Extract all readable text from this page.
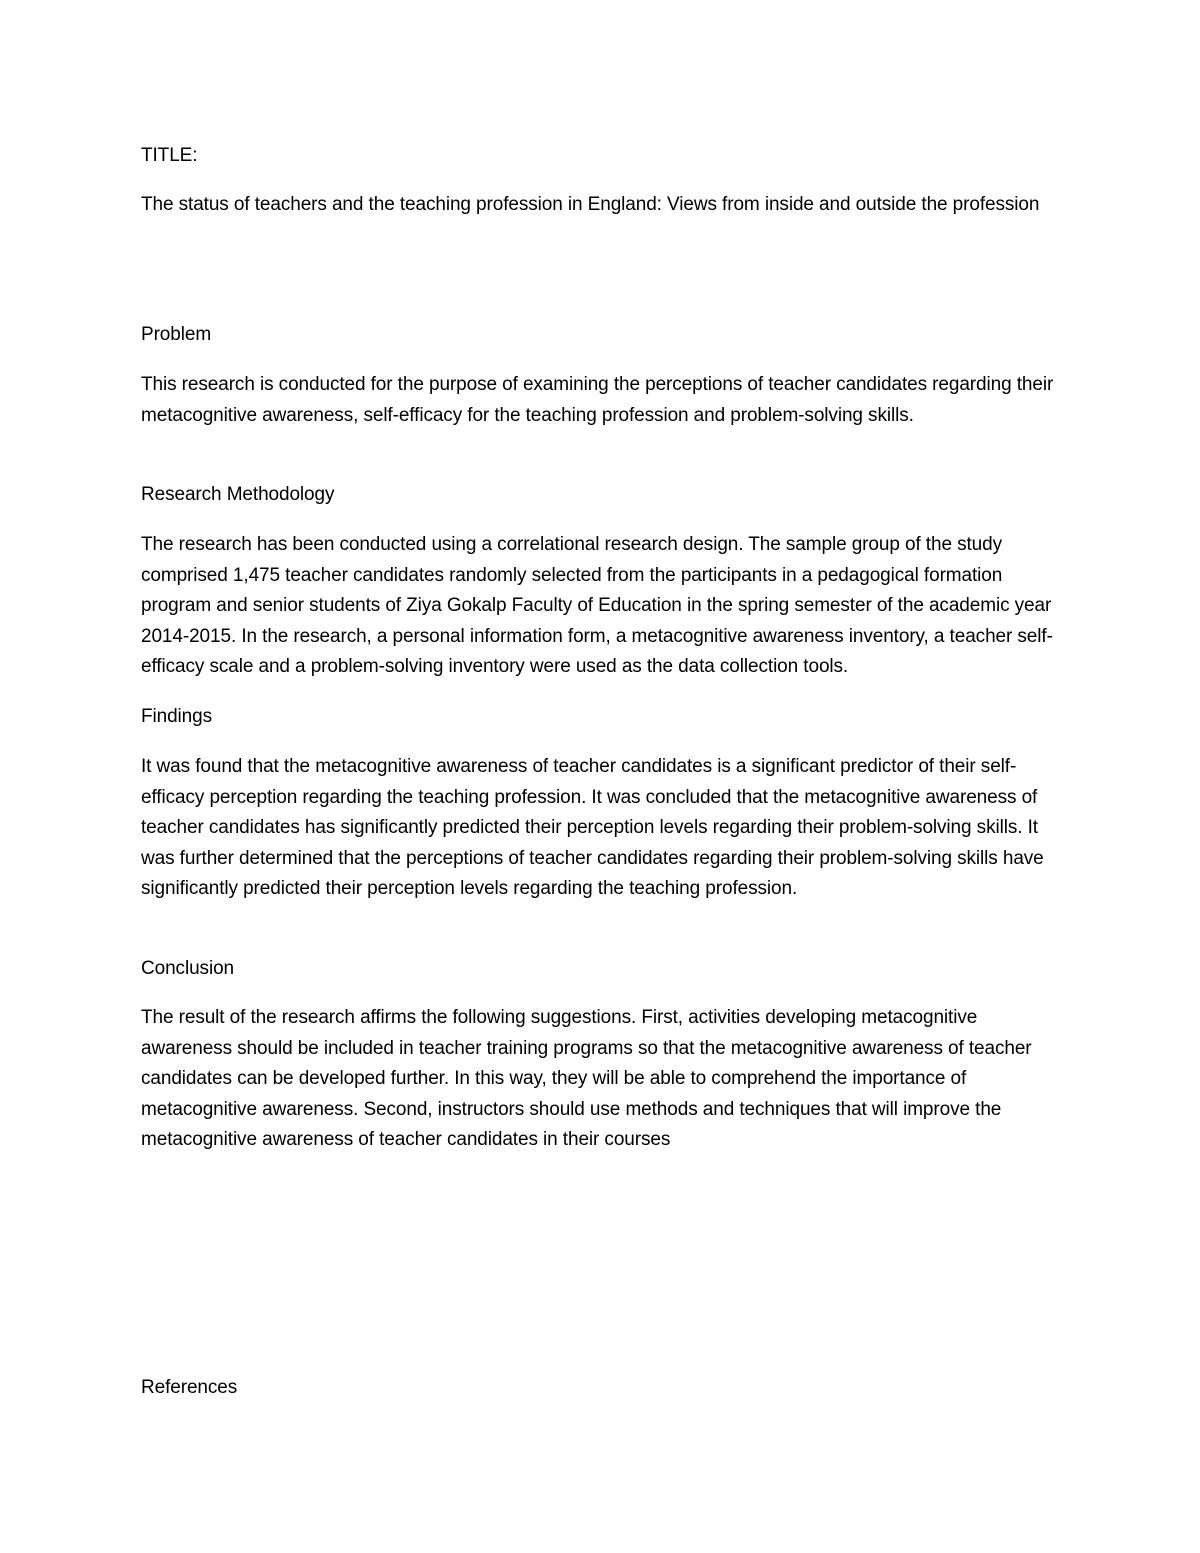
TITLE:

The status of teachers and the teaching profession in England: Views from inside and outside the profession

Problem

This research is conducted for the purpose of examining the perceptions of teacher candidates regarding their metacognitive awareness, self-efficacy for the teaching profession and problem-solving skills.

Research Methodology

The research has been conducted using a correlational research design. The sample group of the study comprised 1,475 teacher candidates randomly selected from the participants in a pedagogical formation program and senior students of Ziya Gokalp Faculty of Education in the spring semester of the academic year 2014-2015. In the research, a personal information form, a metacognitive awareness inventory, a teacher self-efficacy scale and a problem-solving inventory were used as the data collection tools.

Findings

It was found that the metacognitive awareness of teacher candidates is a significant predictor of their self-efficacy perception regarding the teaching profession. It was concluded that the metacognitive awareness of teacher candidates has significantly predicted their perception levels regarding their problem-solving skills. It was further determined that the perceptions of teacher candidates regarding their problem-solving skills have significantly predicted their perception levels regarding the teaching profession.

Conclusion

The result of the research affirms the following suggestions. First, activities developing metacognitive awareness should be included in teacher training programs so that the metacognitive awareness of teacher candidates can be developed further. In this way, they will be able to comprehend the importance of metacognitive awareness. Second, instructors should use methods and techniques that will improve the metacognitive awareness of teacher candidates in their courses

References
